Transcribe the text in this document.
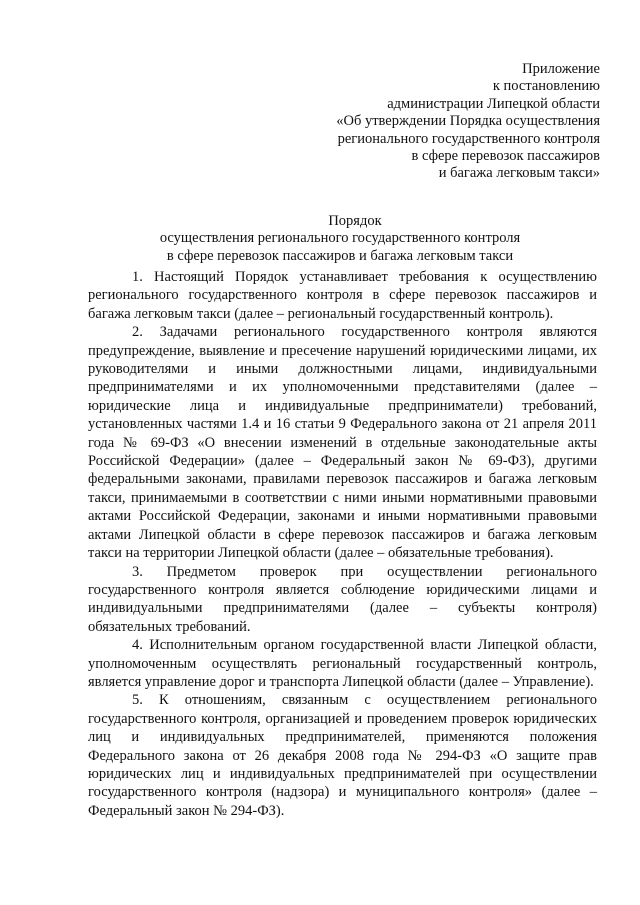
Приложение
к постановлению
администрации Липецкой области
«Об утверждении Порядка осуществления
регионального государственного контроля
в сфере перевозок пассажиров
и багажа легковым такси»
Порядок
осуществления регионального государственного контроля
в сфере перевозок пассажиров и багажа легковым такси

1. Настоящий Порядок устанавливает требования к осуществлению регионального государственного контроля в сфере перевозок пассажиров и багажа легковым такси (далее – региональный государственный контроль).

2. Задачами регионального государственного контроля являются предупреждение, выявление и пресечение нарушений юридическими лицами, их руководителями и иными должностными лицами, индивидуальными предпринимателями и их уполномоченными представителями (далее – юридические лица и индивидуальные предприниматели) требований, установленных частями 1.4 и 16 статьи 9 Федерального закона от 21 апреля 2011 года № 69-ФЗ «О внесении изменений в отдельные законодательные акты Российской Федерации» (далее – Федеральный закон № 69-ФЗ), другими федеральными законами, правилами перевозок пассажиров и багажа легковым такси, принимаемыми в соответствии с ними иными нормативными правовыми актами Российской Федерации, законами и иными нормативными правовыми актами Липецкой области в сфере перевозок пассажиров и багажа легковым такси на территории Липецкой области (далее – обязательные требования).

3. Предметом проверок при осуществлении регионального государственного контроля является соблюдение юридическими лицами и индивидуальными предпринимателями (далее – субъекты контроля) обязательных требований.

4. Исполнительным органом государственной власти Липецкой области, уполномоченным осуществлять региональный государственный контроль, является управление дорог и транспорта Липецкой области (далее – Управление).

5. К отношениям, связанным с осуществлением регионального государственного контроля, организацией и проведением проверок юридических лиц и индивидуальных предпринимателей, применяются положения Федерального закона от 26 декабря 2008 года № 294-ФЗ «О защите прав юридических лиц и индивидуальных предпринимателей при осуществлении государственного контроля (надзора) и муниципального контроля» (далее – Федеральный закон № 294-ФЗ).
